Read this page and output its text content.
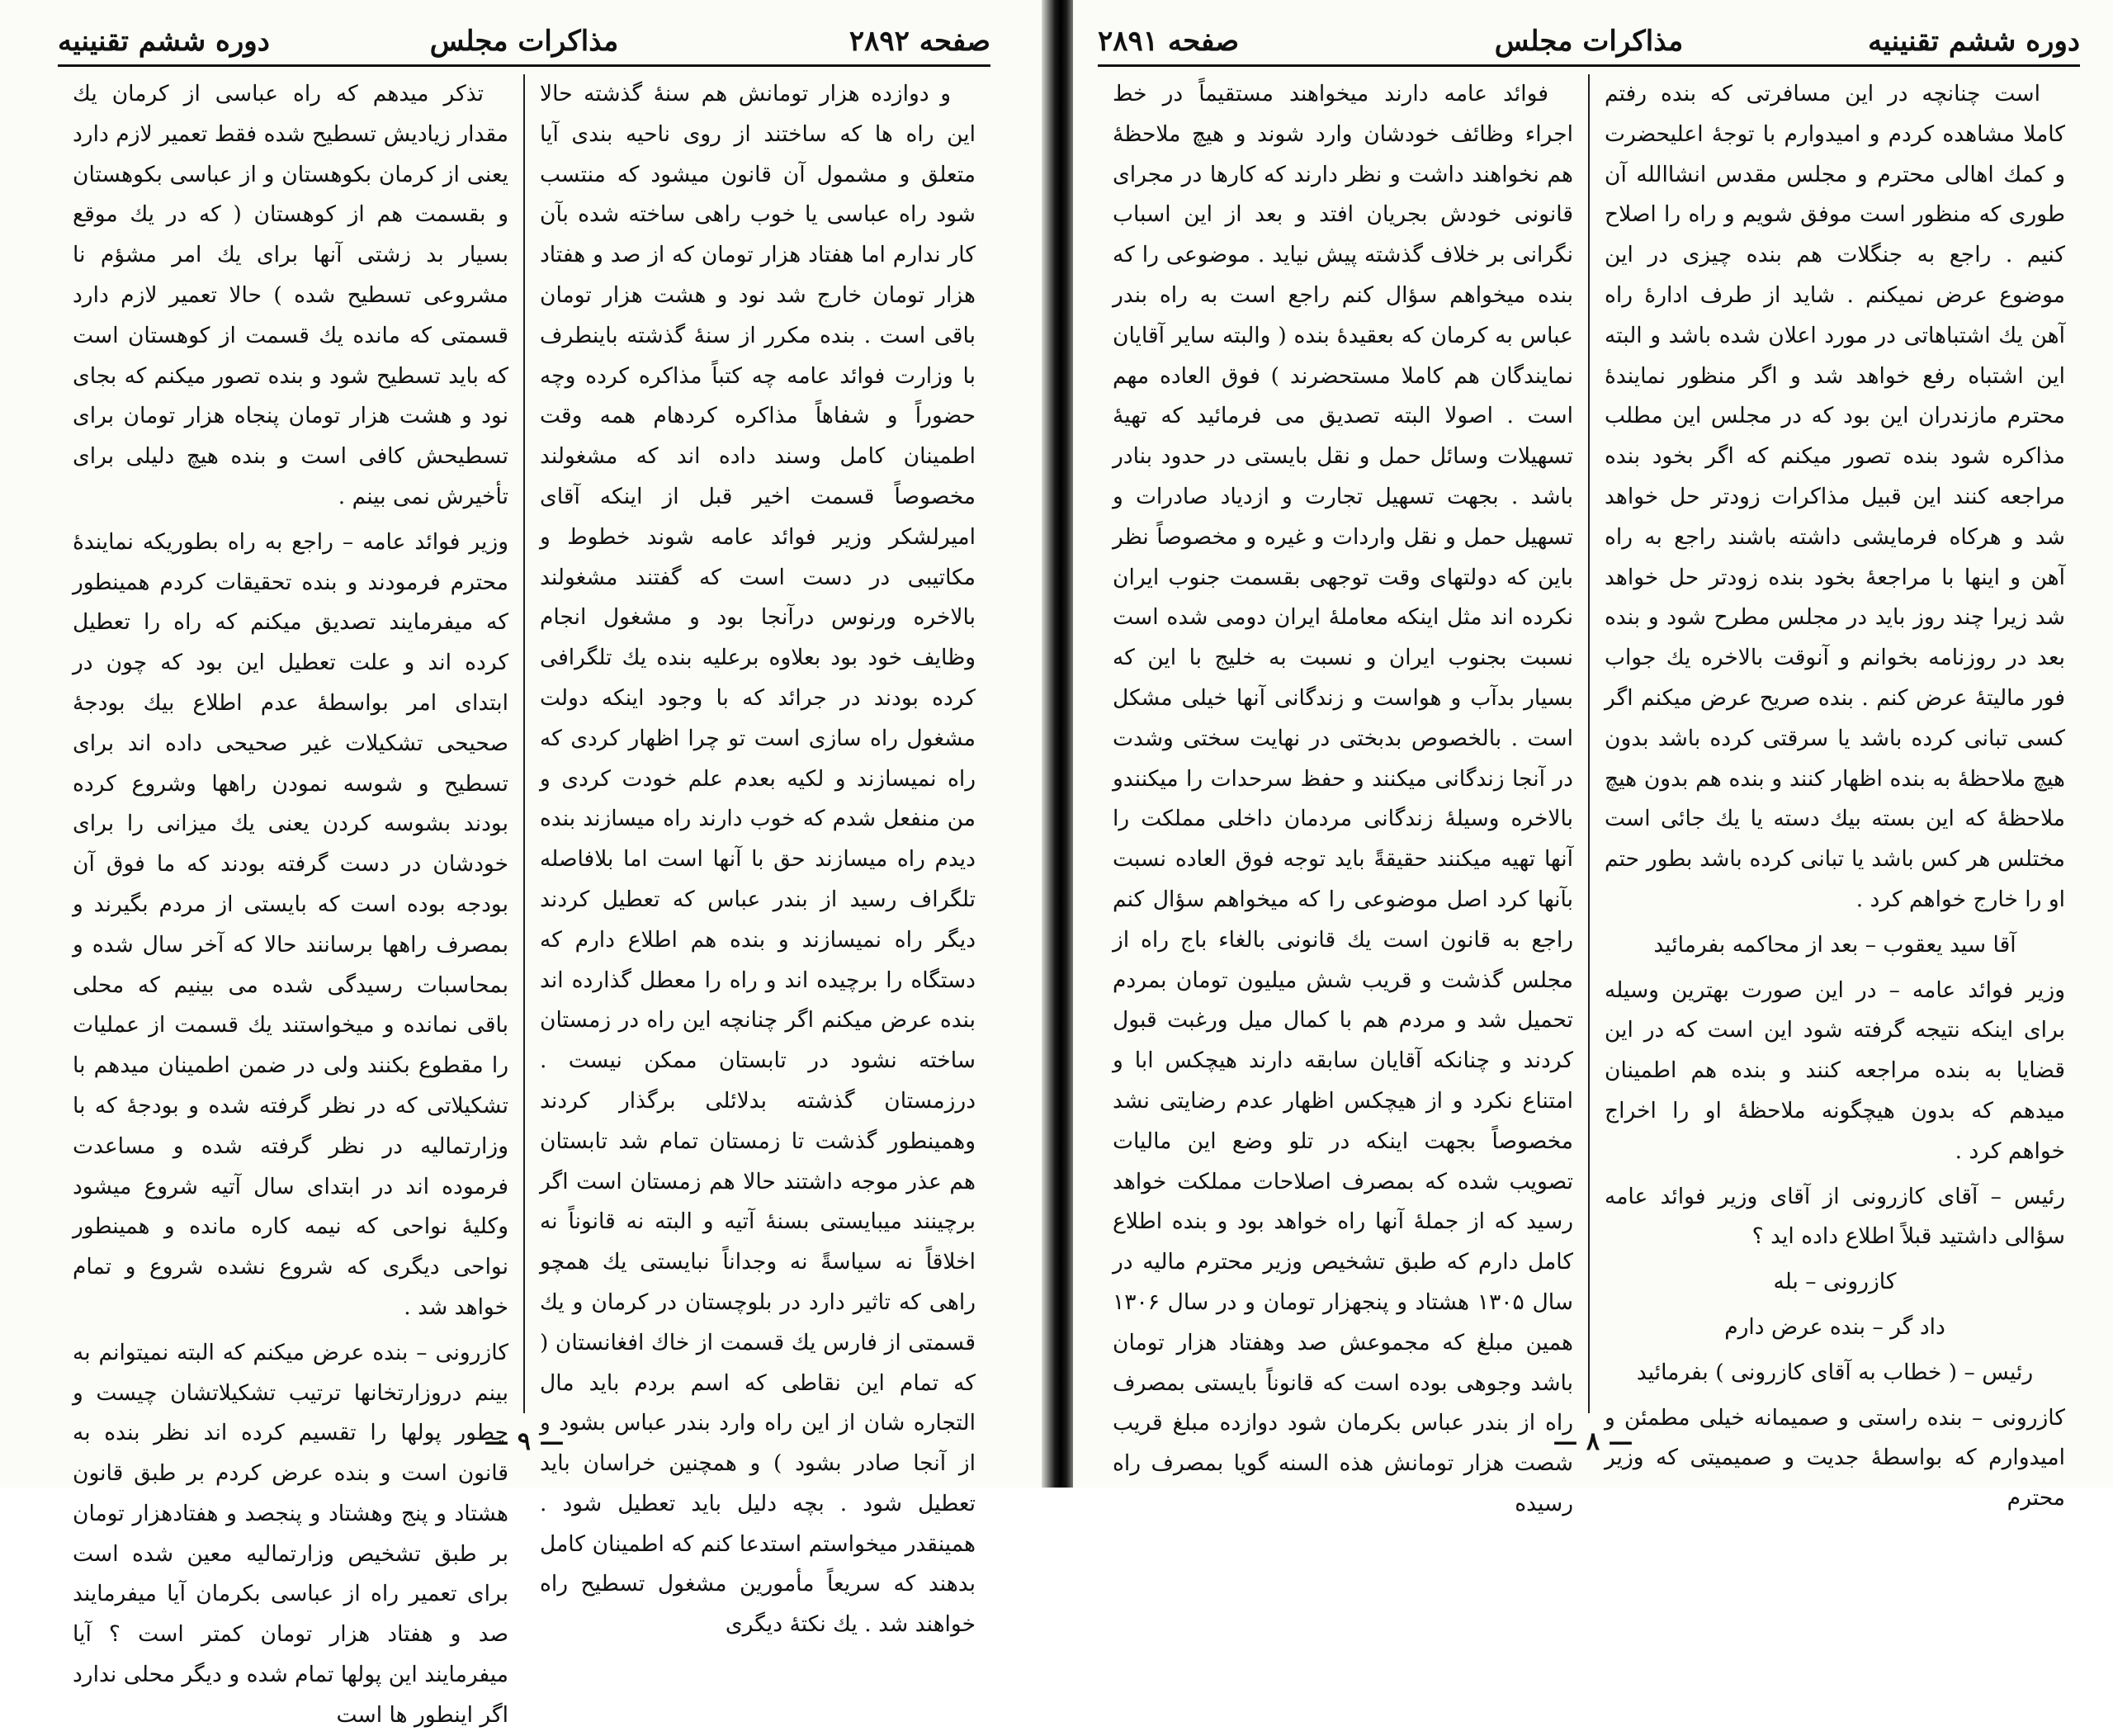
صفحه ۲۸۹۲
مذاکرات مجلس
دوره ششم تقنینیه

و دوازده هزار تومانش هم سنهٔ گذشته حالا این راه ها که ساختند از روی ناحیه بندی آیا متعلق و مشمول آن قانون میشود که منتسب شود راه عباسی یا خوب راهی ساخته شده بآن کار ندارم اما هفتاد هزار تومان که از صد و هفتاد هزار تومان خارج شد نود و هشت هزار تومان باقی است . بنده مکرر از سنهٔ گذشته باینطرف با وزارت فوائد عامه چه کتباً مذاکره کرده وچه حضوراً و شفاهاً مذاکره کردهام همه وقت اطمینان کامل وسند داده اند که مشغولند مخصوصاً قسمت اخیر قبل از اینکه آقای امیرلشکر وزیر فوائد عامه شوند خطوط و مکاتیبی در دست است که گفتند مشغولند بالاخره ورنوس درآنجا بود و مشغول انجام وظایف خود بود بعلاوه برعلیه بنده یك تلگرافی كرده بودند در جرائد كه با وجود اینكه دولت مشغول راه سازی است تو چرا اظهار كردی كه راه نمیسازند و لكیه بعدم علم خودت كردی و من منفعل شدم كه خوب دارند راه میسازند بنده دیدم راه میسازند حق با آنها است اما بلافاصله تلگراف رسید از بندر عباس که تعطیل کردند دیگر راه نمیسازند و بنده هم اطلاع دارم که دستگاه را برچیده اند و راه را معطل گذارده اند بنده عرض میکنم اگر چنانچه این راه در زمستان ساخته نشود در تابستان ممکن نیست . درزمستان گذشته بدلائلی برگذار کردند وهمینطور گذشت تا زمستان تمام شد تابستان هم عذر موجه داشتند حالا هم زمستان است اگر برچینند میبایستی بسنهٔ آتیه و البته نه قانوناً نه اخلاقاً نه سیاسةً نه وجداناً نبایستی یك همچو راهی كه تاثیر دارد در بلوچستان در كرمان و یك قسمتی از فارس یك قسمت از خاك افغانستان ( كه تمام این نقاطی كه اسم بردم باید مال التجاره شان از این راه وارد بندر عباس بشود و از آنجا صادر بشود ) و همچنین خراسان باید تعطیل شود . بچه دلیل باید تعطیل شود . همینقدر میخواستم استدعا کنم که اطمینان کامل بدهند که سریعاً مأمورین مشغول تسطیح راه خواهند شد . یك نكتهٔ دیگری

تذکر میدهم که راه عباسی از کرمان یك مقدار زیادیش تسطیح شده فقط تعمیر لازم دارد یعنی از کرمان بکوهستان و از عباسی بکوهستان و بقسمت هم از کوهستان ( که در یك موقع بسیار بد زشتی آنها برای یك امر مشؤم نا مشروعی تسطیح شده ) حالا تعمیر لازم دارد قسمتی که مانده یك قسمت از کوهستان است که باید تسطیح شود و بنده تصور میکنم که بجای نود و هشت هزار تومان پنجاه هزار تومان برای تسطیحش کافی است و بنده هیچ دلیلی برای تأخیرش نمی بینم .

وزیر فوائد عامه – راجع به راه بطوریکه نمایندهٔ محترم فرمودند و بنده تحقیقات کردم همینطور که میفرمایند تصدیق میکنم که راه را تعطیل کرده اند و علت تعطیل این بود که چون در ابتدای امر بواسطهٔ عدم اطلاع بیك بودجهٔ صحیحی تشکیلات غیر صحیحی داده اند برای تسطیح و شوسه نمودن راهها وشروع کرده بودند بشوسه کردن یعنی یك میزانی را برای خودشان در دست گرفته بودند که ما فوق آن بودجه بوده است که بایستی از مردم بگیرند و بمصرف راهها برسانند حالا که آخر سال شده و بمحاسبات رسیدگی شده می بینیم که محلی باقی نمانده و میخواستند یك قسمت از عملیات را مقطوع بکنند ولی در ضمن اطمینان میدهم با تشکیلاتی که در نظر گرفته شده و بودجهٔ که با وزارتمالیه در نظر گرفته شده و مساعدت فرموده اند در ابتدای سال آتیه شروع میشود وکلیهٔ نواحی که نیمه کاره مانده و همینطور نواحی دیگری که شروع نشده شروع و تمام خواهد شد .

کازرونی – بنده عرض میکنم که البته نمیتوانم به بینم دروزارتخانها ترتیب تشکیلاتشان چیست و چطور پولها را تقسیم کرده اند نظر بنده به قانون است و بنده عرض کردم بر طبق قانون هشتاد و پنج وهشتاد و پنجصد و هفتادهزار تومان بر طبق تشخیص وزارتمالیه معین شده است برای تعمیر راه از عباسی بکرمان آیا میفرمایند صد و هفتاد هزار تومان کمتر است ؟ آیا میفرمایند این پولها تمام شده و دیگر محلی ندارد اگر اینطور ها است

— ۹ —
دوره ششم تقنینیه
مذاکرات مجلس
صفحه ۲۸۹۱

است چنانچه در این مسافرتی که بنده رفتم کاملا مشاهده کردم و امیدوارم با توجهٔ اعلیحضرت و کمك اهالی محترم و مجلس مقدس انشاالله آن طوری که منظور است موفق شویم و راه را اصلاح کنیم . راجع به جنگلات هم بنده چیزی در این موضوع عرض نمیکنم . شاید از طرف ادارهٔ راه آهن یك اشتباهاتی در مورد اعلان شده باشد و البته این اشتباه رفع خواهد شد و اگر منظور نمایندهٔ محترم مازندران این بود که در مجلس این مطلب مذاکره شود بنده تصور میکنم که اگر بخود بنده مراجعه کنند این قبیل مذاکرات زودتر حل خواهد شد و هرکاه فرمایشی داشته باشند راجع به راه آهن و اینها با مراجعهٔ بخود بنده زودتر حل خواهد شد زیرا چند روز باید در مجلس مطرح شود و بنده بعد در روزنامه بخوانم و آنوقت بالاخره یك جواب فور مالیتهٔ عرض کنم . بنده صریح عرض میکنم اگر کسی تبانی کرده باشد یا سرقتی کرده باشد بدون هیچ ملاحظهٔ به بنده اظهار کنند و بنده هم بدون هیچ ملاحظهٔ که این بسته بیك دسته یا یك جائی است مختلس هر کس باشد یا تبانی کرده باشد بطور حتم او را خارج خواهم کرد .

آقا سید یعقوب – بعد از محاکمه بفرمائید

وزیر فوائد عامه – در این صورت بهترین وسیله برای اینکه نتیجه گرفته شود این است که در این قضایا به بنده مراجعه کنند و بنده هم اطمینان میدهم که بدون هیچگونه ملاحظهٔ او را اخراج خواهم کرد .

رئیس – آقای کازرونی از آقای وزیر فوائد عامه سؤالی داشتید قبلاً اطلاع داده اید ؟

کازرونی – بله

داد گر – بنده عرض دارم

رئیس – ( خطاب به آقای کازرونی ) بفرمائید

کازرونی – بنده راستی و صمیمانه خیلی مطمئن و امیدوارم که بواسطهٔ جدیت و صمیمیتی که وزیر محترم

فوائد عامه دارند میخواهند مستقیماً در خط اجراء وظائف خودشان وارد شوند و هیچ ملاحظهٔ هم نخواهند داشت و نظر دارند که کارها در مجرای قانونی خودش بجریان افتد و بعد از این اسباب نگرانی بر خلاف گذشته پیش نیاید . موضوعی را که بنده میخواهم سؤال کنم راجع است به راه بندر عباس به کرمان که بعقیدهٔ بنده ( والبته سایر آقایان نمایندگان هم کاملا مستحضرند ) فوق العاده مهم است . اصولا البته تصدیق می فرمائید که تهیهٔ تسهیلات وسائل حمل و نقل بایستی در حدود بنادر باشد . بجهت تسهیل تجارت و ازدیاد صادرات و تسهیل حمل و نقل واردات و غیره و مخصوصاً نظر باین که دولتهای وقت توجهی بقسمت جنوب ایران نکرده اند مثل اینکه معاملهٔ ایران دومی شده است نسبت بجنوب ایران و نسبت به خلیج با این که بسیار بدآب و هواست و زندگانی آنها خیلی مشکل است . بالخصوص بدبختی در نهایت سختی وشدت در آنجا زندگانی میکنند و حفظ سرحدات را میکنندو بالاخره وسیلهٔ زندگانی مردمان داخلی مملکت را آنها تهیه میکنند حقیقةً باید توجه فوق العاده نسبت بآنها کرد اصل موضوعی را که میخواهم سؤال کنم راجع به قانون است یك قانونی بالغاء باج راه از مجلس گذشت و قریب شش میلیون تومان بمردم تحمیل شد و مردم هم با کمال میل ورغبت قبول کردند و چنانکه آقایان سابقه دارند هیچکس ابا و امتناع نکرد و از هیچکس اظهار عدم رضایتی نشد مخصوصاً بجهت اینکه در تلو وضع این مالیات تصویب شده که بمصرف اصلاحات مملکت خواهد رسید که از جملهٔ آنها راه خواهد بود و بنده اطلاع کامل دارم که طبق تشخیص وزیر محترم مالیه در سال ۱۳۰۵ هشتاد و پنجهزار تومان و در سال ۱۳۰۶ همین مبلغ که مجموعش صد وهفتاد هزار تومان باشد وجوهی بوده است که قانوناً بایستی بمصرف راه از بندر عباس بکرمان شود دوازده مبلغ قریب شصت هزار تومانش هذه السنه گویا بمصرف راه رسیده

— ۸ —
